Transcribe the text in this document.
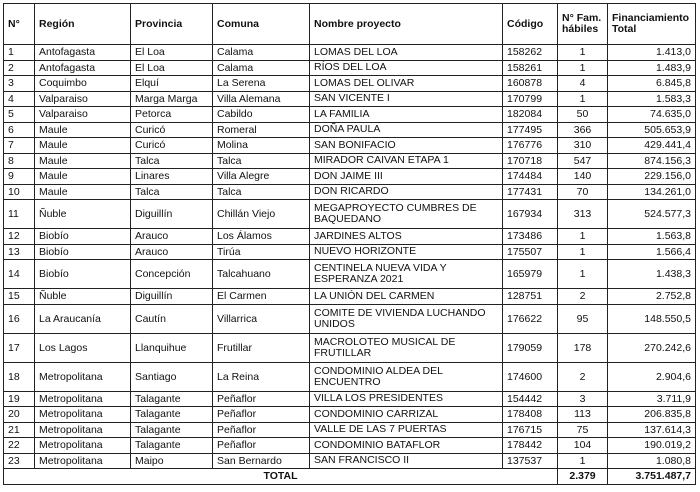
N°	Región	Provincia	Comuna	Nombre proyecto	Código	N° Fam. hábiles	Financiamiento Total
1	Antofagasta	El Loa	Calama	LOMAS DEL LOA	158262	1	1.413,0
2	Antofagasta	El Loa	Calama	RÍOS DEL LOA	158261	1	1.483,9
3	Coquimbo	Elquí	La Serena	LOMAS DEL OLIVAR	160878	4	6.845,8
4	Valparaiso	Marga Marga	Villa Alemana	SAN VICENTE I	170799	1	1.583,3
5	Valparaiso	Petorca	Cabildo	LA FAMILIA	182084	50	74.635,0
6	Maule	Curicó	Romeral	DOÑA PAULA	177495	366	505.653,9
7	Maule	Curicó	Molina	SAN BONIFACIO	176776	310	429.441,4
8	Maule	Talca	Talca	MIRADOR CAIVAN ETAPA 1	170718	547	874.156,3
9	Maule	Linares	Villa Alegre	DON JAIME III	174484	140	229.156,0
10	Maule	Talca	Talca	DON RICARDO	177431	70	134.261,0
11	Ñuble	Diguillín	Chillán Viejo	MEGAPROYECTO CUMBRES DE BAQUEDANO	167934	313	524.577,3
12	Biobío	Arauco	Los Álamos	JARDINES ALTOS	173486	1	1.563,8
13	Biobío	Arauco	Tirúa	NUEVO HORIZONTE	175507	1	1.566,4
14	Biobío	Concepción	Talcahuano	CENTINELA NUEVA VIDA Y ESPERANZA 2021	165979	1	1.438,3
15	Ñuble	Diguillín	El Carmen	LA UNIÓN DEL CARMEN	128751	2	2.752,8
16	La Araucanía	Cautín	Villarrica	COMITE DE VIVIENDA LUCHANDO UNIDOS	176622	95	148.550,5
17	Los Lagos	Llanquihue	Frutillar	MACROLOTEO MUSICAL DE FRUTILLAR	179059	178	270.242,6
18	Metropolitana	Santiago	La Reina	CONDOMINIO ALDEA DEL ENCUENTRO	174600	2	2.904,6
19	Metropolitana	Talagante	Peñaflor	VILLA LOS PRESIDENTES	154442	3	3.711,9
20	Metropolitana	Talagante	Peñaflor	CONDOMINIO CARRIZAL	178408	113	206.835,8
21	Metropolitana	Talagante	Peñaflor	VALLE DE LAS 7 PUERTAS	176715	75	137.614,3
22	Metropolitana	Talagante	Peñaflor	CONDOMINIO BATAFLOR	178442	104	190.019,2
23	Metropolitana	Maipo	San Bernardo	SAN FRANCISCO II	137537	1	1.080,8
TOTAL						2.379	3.751.487,7
